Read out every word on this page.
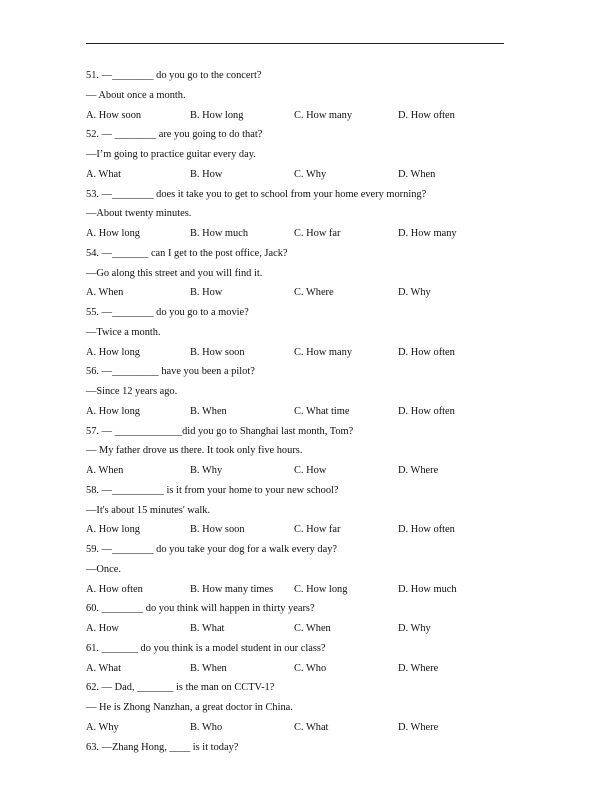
51. —________ do you go to the concert?
— About once a month.
A. How soon	B. How long	C. How many	D. How often
52. — ________ are you going to do that?
—I’m going to practice guitar every day.
A. What	B. How	C. Why	D. When
53. —________ does it take you to get to school from your home every morning?
—About twenty minutes.
A. How long	B. How much	C. How far	D. How many
54. —_______ can I get to the post office, Jack?
—Go along this street and you will find it.
A. When	B. How	C. Where	D. Why
55. —________ do you go to a movie?
—Twice a month.
A. How long	B. How soon	C. How many	D. How often
56. —_________ have you been a pilot?
—Since 12 years ago.
A. How long	B. When	C. What time	D. How often
57. — _____________did you go to Shanghai last month, Tom?
— My father drove us there. It took only five hours.
A. When	B. Why	C. How	D. Where
58. —__________ is it from your home to your new school?
—It's about 15 minutes' walk.
A. How long	B. How soon	C. How far	D. How often
59. —________ do you take your dog for a walk every day?
—Once.
A. How often	B. How many times C. How long	D. How much
60. ________ do you think will happen in thirty years?
A. How	B. What	C. When	D. Why
61. _______ do you think is a model student in our class?
A. What	B. When	C. Who	D. Where
62. — Dad, _______ is the man on CCTV-1?
— He is Zhong Nanzhan, a great doctor in China.
A. Why	B. Who	C. What	D. Where
63. —Zhang Hong, ____ is it today?
